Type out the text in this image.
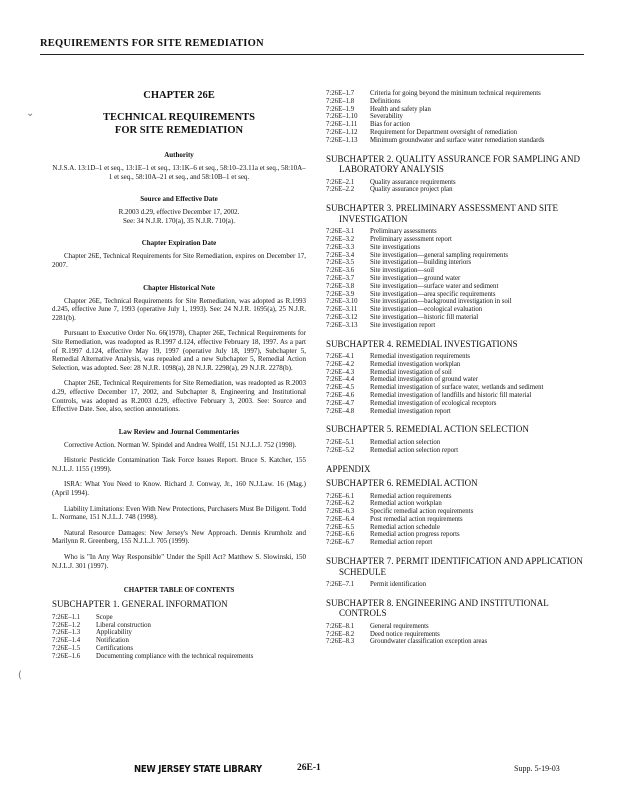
REQUIREMENTS FOR SITE REMEDIATION
⌄
(

CHAPTER 26E

TECHNICAL REQUIREMENTS
FOR SITE REMEDIATION

Authority

N.J.S.A. 13:1D–1 et seq., 13:1E–1 et seq., 13:1K–6 et seq., 58:10–23.11a et seq., 58:10A–1 et seq., 58:10A–21 et seq., and 58:10B–1 et seq.

Source and Effective Date

R.2003 d.29, effective December 17, 2002.

See: 34 N.J.R. 170(a), 35 N.J.R. 710(a).

Chapter Expiration Date

Chapter 26E, Technical Requirements for Site Remediation, expires on December 17, 2007.

Chapter Historical Note

Chapter 26E, Technical Requirements for Site Remediation, was adopted as R.1993 d.245, effective June 7, 1993 (operative July 1, 1993). See: 24 N.J.R. 1695(a), 25 N.J.R. 2281(b).

Pursuant to Executive Order No. 66(1978), Chapter 26E, Technical Requirements for Site Remediation, was readopted as R.1997 d.124, effective February 18, 1997. As a part of R.1997 d.124, effective May 19, 1997 (operative July 18, 1997), Subchapter 5, Remedial Alternative Analysis, was repealed and a new Subchapter 5, Remedial Action Selection, was adopted. See: 28 N.J.R. 1098(a), 28 N.J.R. 2298(a), 29 N.J.R. 2278(b).

Chapter 26E, Technical Requirements for Site Remediation, was readopted as R.2003 d.29, effective December 17, 2002, and Subchapter 8, Engineering and Institutional Controls, was adopted as R.2003 d.29, effective February 3, 2003. See: Source and Effective Date. See, also, section annotations.

Law Review and Journal Commentaries

Corrective Action. Norman W. Spindel and Andrea Wolff, 151 N.J.L.J. 752 (1998).

Historic Pesticide Contamination Task Force Issues Report. Bruce S. Katcher, 155 N.J.L.J. 1155 (1999).

ISRA: What You Need to Know. Richard J. Conway, Jr., 160 N.J.Law. 16 (Mag.) (April 1994).

Liability Limitations: Even With New Protections, Purchasers Must Be Diligent. Todd L. Normane, 151 N.J.L.J. 748 (1998).

Natural Resource Damages: New Jersey's New Approach. Dennis Krumholz and Marilynn R. Greenberg, 155 N.J.L.J. 705 (1999).

Who is "In Any Way Responsible" Under the Spill Act? Matthew S. Slowinski, 150 N.J.L.J. 301 (1997).

CHAPTER TABLE OF CONTENTS

SUBCHAPTER 1. GENERAL INFORMATION

7:26E–1.1	Scope
7:26E–1.2	Liberal construction
7:26E–1.3	Applicability
7:26E–1.4	Notification
7:26E–1.5	Certifications
7:26E–1.6	Documenting compliance with the technical requirements
7:26E–1.7	Criteria for going beyond the minimum technical requirements
7:26E–1.8	Definitions
7:26E–1.9	Health and safety plan
7:26E–1.10	Severability
7:26E–1.11	Bias for action
7:26E–1.12	Requirement for Department oversight of remediation
7:26E–1.13	Minimum groundwater and surface water remediation standards

SUBCHAPTER 2. QUALITY ASSURANCE FOR SAMPLING AND LABORATORY ANALYSIS

7:26E–2.1	Quality assurance requirements
7:26E–2.2	Quality assurance project plan

SUBCHAPTER 3. PRELIMINARY ASSESSMENT AND SITE INVESTIGATION

7:26E–3.1	Preliminary assessments
7:26E–3.2	Preliminary assessment report
7:26E–3.3	Site investigations
7:26E–3.4	Site investigation—general sampling requirements
7:26E–3.5	Site investigation—building interiors
7:26E–3.6	Site investigation—soil
7:26E–3.7	Site investigation—ground water
7:26E–3.8	Site investigation—surface water and sediment
7:26E–3.9	Site investigation—area specific requirements
7:26E–3.10	Site investigation—background investigation in soil
7:26E–3.11	Site investigation—ecological evaluation
7:26E–3.12	Site investigation—historic fill material
7:26E–3.13	Site investigation report

SUBCHAPTER 4. REMEDIAL INVESTIGATIONS

7:26E–4.1	Remedial investigation requirements
7:26E–4.2	Remedial investigation workplan
7:26E–4.3	Remedial investigation of soil
7:26E–4.4	Remedial investigation of ground water
7:26E–4.5	Remedial investigation of surface water, wetlands and sediment
7:26E–4.6	Remedial investigation of landfills and historic fill material
7:26E–4.7	Remedial investigation of ecological receptors
7:26E–4.8	Remedial investigation report

SUBCHAPTER 5. REMEDIAL ACTION SELECTION

7:26E–5.1	Remedial action selection
7:26E–5.2	Remedial action selection report

APPENDIX

SUBCHAPTER 6. REMEDIAL ACTION

7:26E–6.1	Remedial action requirements
7:26E–6.2	Remedial action workplan
7:26E–6.3	Specific remedial action requirements
7:26E–6.4	Post remedial action requirements
7:26E–6.5	Remedial action schedule
7:26E–6.6	Remedial action progress reports
7:26E–6.7	Remedial action report

SUBCHAPTER 7. PERMIT IDENTIFICATION AND APPLICATION SCHEDULE

7:26E–7.1	Permit identification

SUBCHAPTER 8. ENGINEERING AND INSTITUTIONAL CONTROLS

7:26E–8.1	General requirements
7:26E–8.2	Deed notice requirements
7:26E–8.3	Groundwater classification exception areas
NEW JERSEY STATE LIBRARY	26E-1	Supp. 5-19-03
